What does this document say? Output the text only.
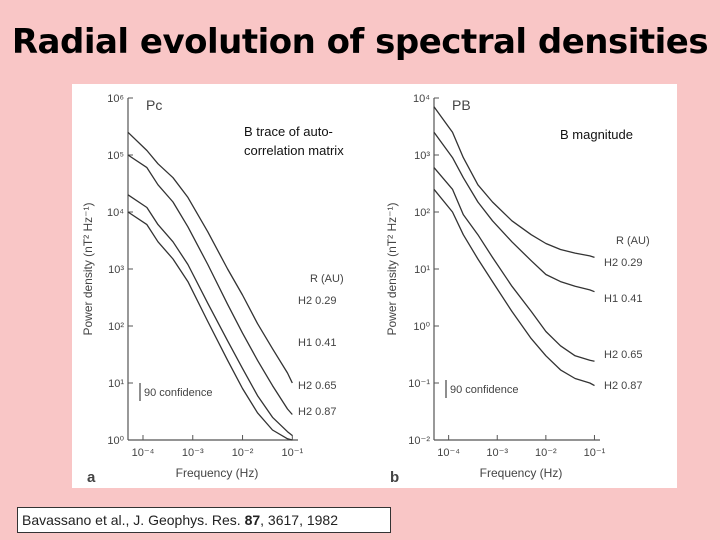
Radial evolution of spectral densities
10⁰
10¹
10²
10³
10⁴
10⁵
10⁶
10⁻⁴	10⁻³	10⁻²	10⁻¹
Frequency (Hz)
Power density (nT² Hz⁻¹)
a
Pc
B trace of auto-
correlation matrix
H2 0.29
H1 0.41
H2 0.65
H2 0.87
R (AU)
90 confidence
10⁻²
10⁻¹
10⁰
10¹
10²
10³
10⁴
10⁻⁴ 10⁻³ 10⁻² 10⁻¹
Frequency (Hz)
Power density (nT² Hz⁻¹)
b
PB
B magnitude
H2 0.29
H1 0.41
H2 0.65
H2 0.87
R (AU)
90 confidence
Bavassano et al., J. Geophys. Res. 87, 3617, 1982
